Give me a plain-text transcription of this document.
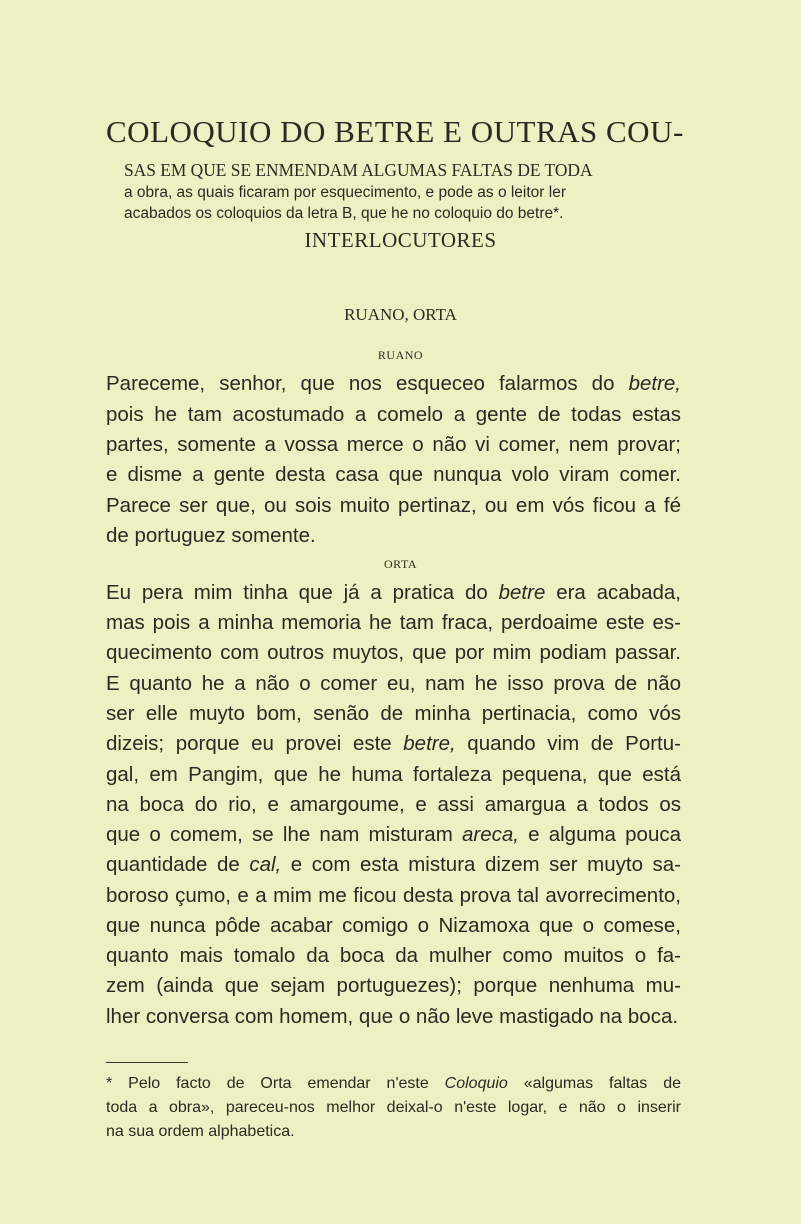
COLOQUIO DO BETRE E OUTRAS COU-

SAS EM QUE SE ENMENDAM ALGUMAS FALTAS DE TODA

a obra, as quais ficaram por esquecimento, e pode as o leitor ler

acabados os coloquios da letra B, que he no coloquio do betre*.

INTERLOCUTORES

RUANO, ORTA

RUANO

Pareceme, senhor, que nos esqueceo falarmos do betre,

pois he tam acostumado a comelo a gente de todas estas

partes, somente a vossa merce o não vi comer, nem provar;

e disme a gente desta casa que nunqua volo viram comer.

Parece ser que, ou sois muito pertinaz, ou em vós ficou a fé

de portuguez somente.

ORTA

Eu pera mim tinha que já a pratica do betre era acabada,

mas pois a minha memoria he tam fraca, perdoaime este es-

quecimento com outros muytos, que por mim podiam passar.

E quanto he a não o comer eu, nam he isso prova de não

ser elle muyto bom, senão de minha pertinacia, como vós

dizeis; porque eu provei este betre, quando vim de Portu-

gal, em Pangim, que he huma fortaleza pequena, que está

na boca do rio, e amargoume, e assi amargua a todos os

que o comem, se lhe nam misturam areca, e alguma pouca

quantidade de cal, e com esta mistura dizem ser muyto sa-

boroso çumo, e a mim me ficou desta prova tal avorrecimento,

que nunca pôde acabar comigo o Nizamoxa que o comese,

quanto mais tomalo da boca da mulher como muitos o fa-

zem (ainda que sejam portuguezes); porque nenhuma mu-

lher conversa com homem, que o não leve mastigado na boca.

* Pelo facto de Orta emendar n'este Coloquio «algumas faltas de

toda a obra», pareceu-nos melhor deixal-o n'este logar, e não o inserir

na sua ordem alphabetica.
